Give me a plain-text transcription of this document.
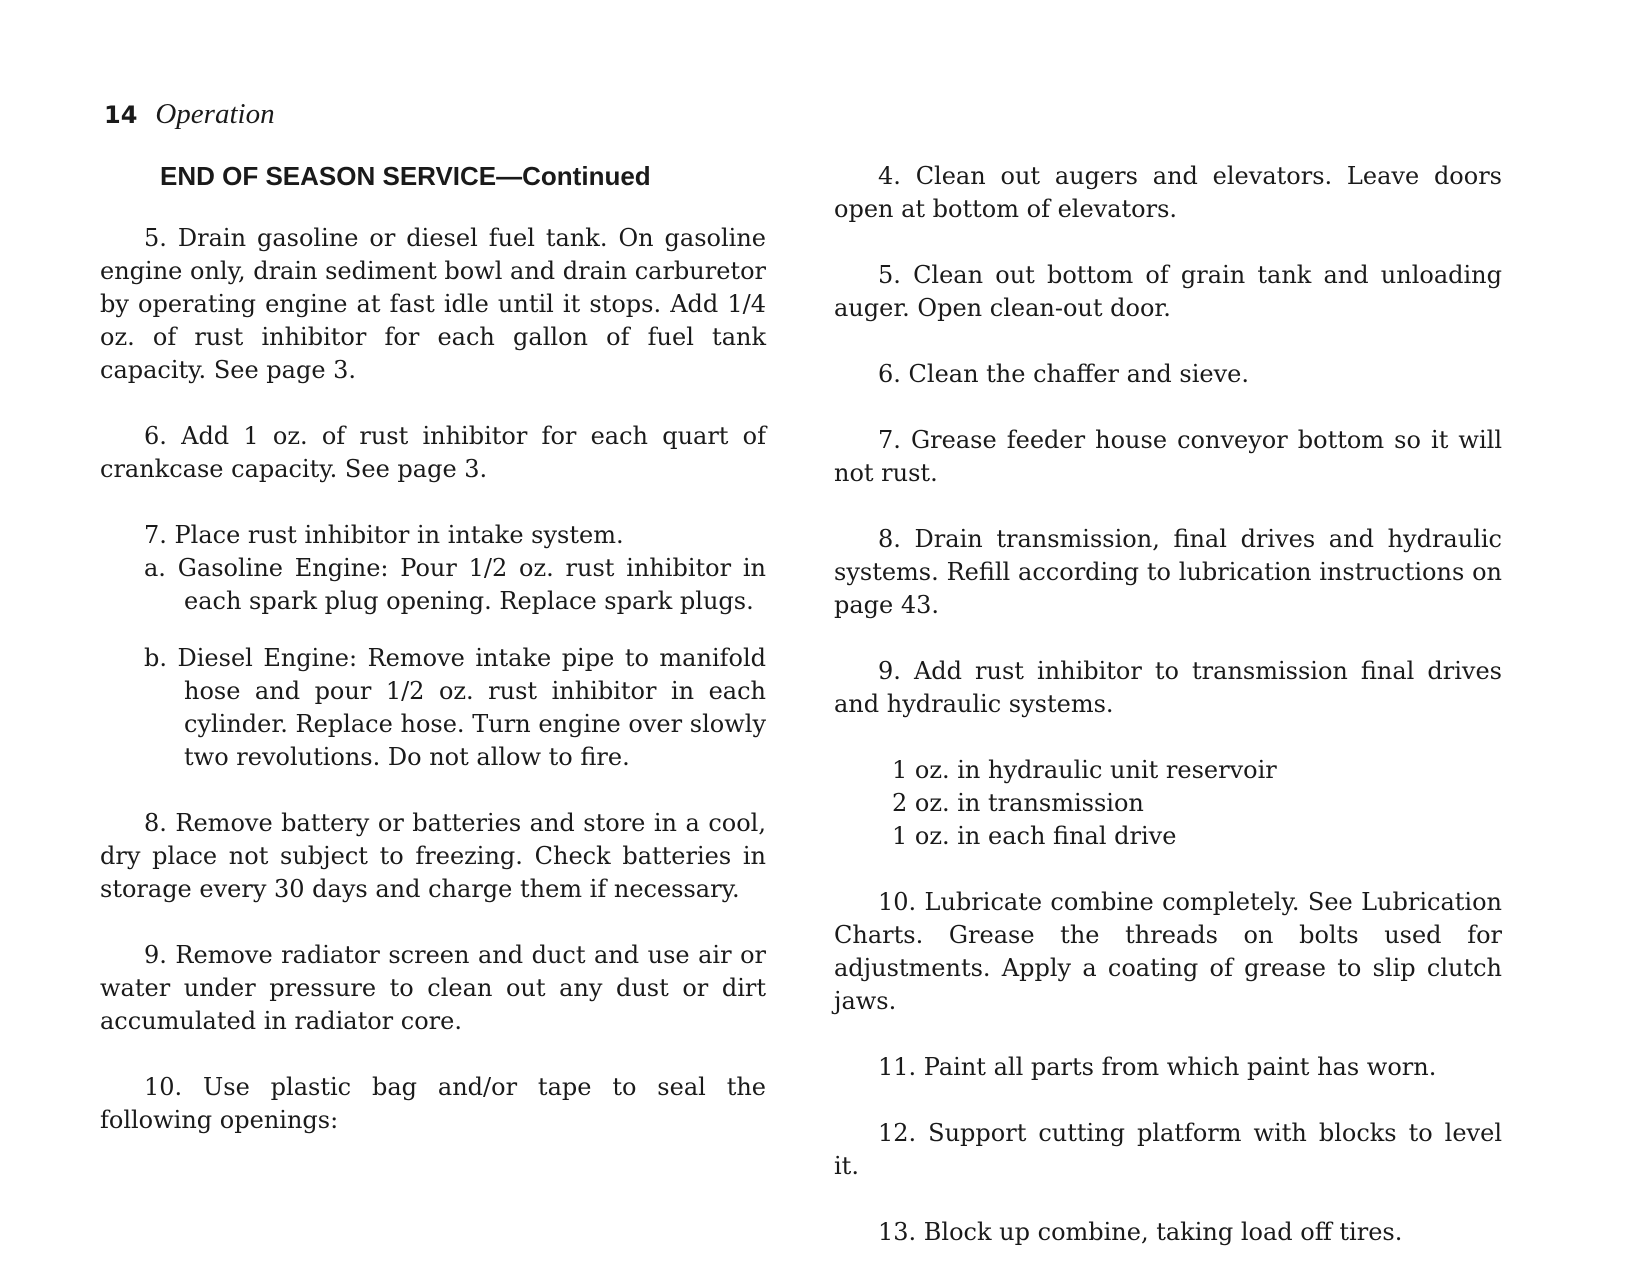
14 Operation
END OF SEASON SERVICE—Continued

5. Drain gasoline or diesel fuel tank. On gasoline engine only, drain sediment bowl and drain carburetor by operating engine at fast idle until it stops. Add 1/4 oz. of rust inhibitor for each gallon of fuel tank capacity. See page 3.

6. Add 1 oz. of rust inhibitor for each quart of crankcase capacity. See page 3.

7. Place rust inhibitor in intake system.

a. Gasoline Engine: Pour 1/2 oz. rust inhibitor in each spark plug opening. Replace spark plugs.
b. Diesel Engine: Remove intake pipe to manifold hose and pour 1/2 oz. rust inhibitor in each cylinder. Replace hose. Turn engine over slowly two revolutions. Do not allow to fire.

8. Remove battery or batteries and store in a cool, dry place not subject to freezing. Check batteries in storage every 30 days and charge them if necessary.

9. Remove radiator screen and duct and use air or water under pressure to clean out any dust or dirt accumulated in radiator core.

10. Use plastic bag and/or tape to seal the following openings:

4. Clean out augers and elevators. Leave doors open at bottom of elevators.

5. Clean out bottom of grain tank and unloading auger. Open clean-out door.

6. Clean the chaffer and sieve.

7. Grease feeder house conveyor bottom so it will not rust.

8. Drain transmission, final drives and hydraulic systems. Refill according to lubrication instructions on page 43.

9. Add rust inhibitor to transmission final drives and hydraulic systems.

1 oz. in hydraulic unit reservoir
2 oz. in transmission
1 oz. in each final drive

10. Lubricate combine completely. See Lubrication Charts. Grease the threads on bolts used for adjustments. Apply a coating of grease to slip clutch jaws.

11. Paint all parts from which paint has worn.

12. Support cutting platform with blocks to level it.

13. Block up combine, taking load off tires.
